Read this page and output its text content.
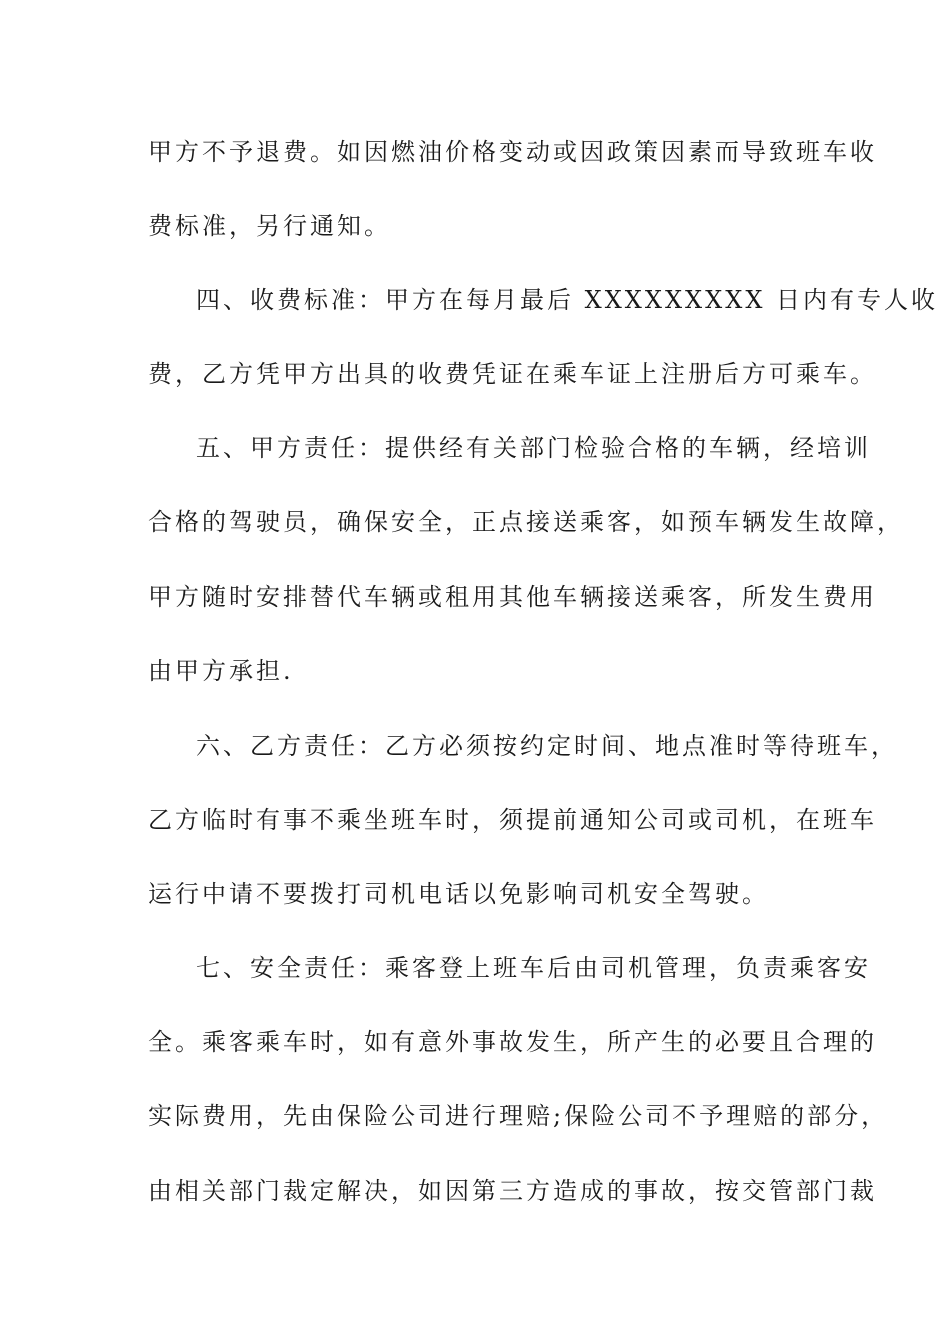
甲方不予退费。如因燃油价格变动或因政策因素而导致班车收
费标准，另行通知。
四、收费标准：甲方在每月最后 XXXXXXXXX 日内有专人收
费，乙方凭甲方出具的收费凭证在乘车证上注册后方可乘车。
五、甲方责任：提供经有关部门检验合格的车辆，经培训
合格的驾驶员，确保安全，正点接送乘客，如预车辆发生故障，
甲方随时安排替代车辆或租用其他车辆接送乘客，所发生费用
由甲方承担.
六、乙方责任：乙方必须按约定时间、地点准时等待班车，
乙方临时有事不乘坐班车时，须提前通知公司或司机，在班车
运行中请不要拨打司机电话以免影响司机安全驾驶。
七、安全责任：乘客登上班车后由司机管理，负责乘客安
全。乘客乘车时，如有意外事故发生，所产生的必要且合理的
实际费用，先由保险公司进行理赔;保险公司不予理赔的部分，
由相关部门裁定解决，如因第三方造成的事故，按交管部门裁
